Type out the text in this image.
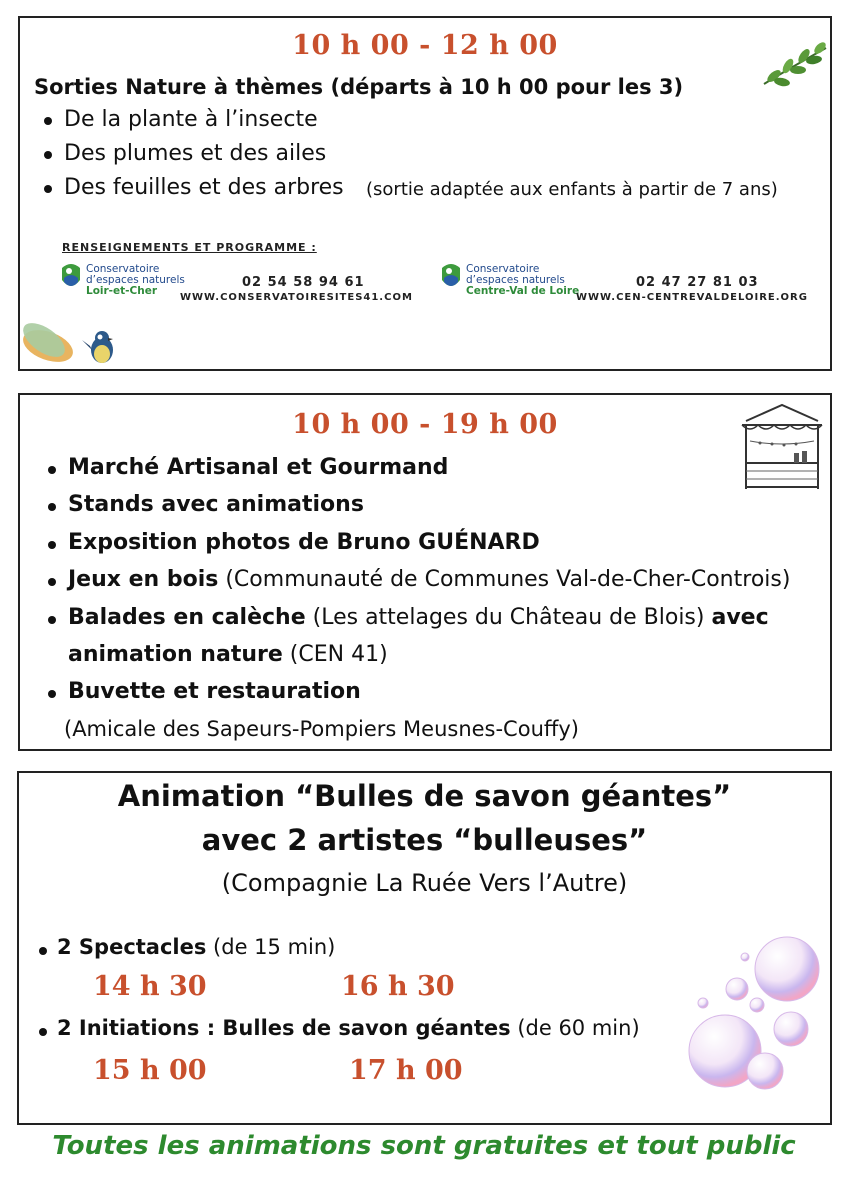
10 h 00 - 12 h 00
Sorties Nature à thèmes (départs à 10 h 00 pour les 3)
De la plante à l’insecte
Des plumes et des ailes
Des feuilles et des arbres (sortie adaptée aux enfants à partir de 7 ans)
RENSEIGNEMENTS ET PROGRAMME :
Conservatoire
d’espaces naturels
Loir-et-Cher
02 54 58 94 61
WWW.CONSERVATOIRESITES41.COM
Conservatoire
d’espaces naturels
Centre-Val de Loire
02 47 27 81 03
WWW.CEN-CENTREVALDELOIRE.ORG
10 h 00 - 19 h 00
Marché Artisanal et Gourmand
Stands avec animations
Exposition photos de Bruno GUÉNARD
Jeux en bois (Communauté de Communes Val-de-Cher-Controis)
Balades en calèche (Les attelages du Château de Blois) avec
animation nature (CEN 41)
Buvette et restauration
(Amicale des Sapeurs-Pompiers Meusnes-Couffy)
Animation “Bulles de savon géantes”
avec 2 artistes “bulleuses”
(Compagnie La Ruée Vers l’Autre)
2 Spectacles (de 15 min)
14 h 30	16 h 30
2 Initiations : Bulles de savon géantes (de 60 min)
15 h 00	17 h 00
Toutes les animations sont gratuites et tout public
